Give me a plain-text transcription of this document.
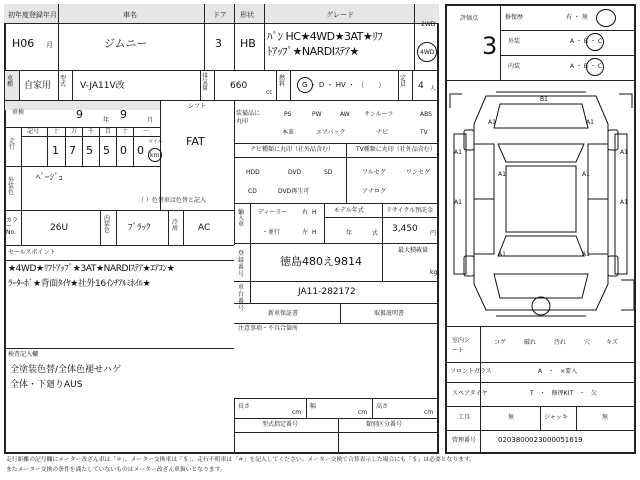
初年度登録年月
H06 月
車名
ジムニー
ドア
3
形状
HB
グレード
ﾊﾞﾝ HC★4WD★3AT★ﾘﾌ
ﾄｱｯﾌﾟ★NARDIｽﾃｱ★
2WD
4WD
車種 自家用
型式 V-JA11V改
排気量 660
cc
燃料 G ・ D ・ HV ・ （　　）
定員 4 人
車検	9	年 9	月
シフト
FAT
走行
記号 十 万 千 百 十 一
1 7 5 5 0 0
マイル
km
外装色
ﾍﾞｰｼﾞｭ
（ ）色替車は色替と記入
カラーNo.	26U
内装色 ﾌﾞﾗｯｸ
冷房 AC
装備品に丸印
PS	PW	AW サンルーフ	ABS
本革	エアバック	ナビ	TV
ナビ種類に丸印（社外品含む）
HDD	DVD	SD
CD	DVD再生可
TV種類に丸印（社外品含む）
フルセグ	ワンセグ
アナログ
輸入車
ディーラー
・並行
右 H
左 H
モデル年式
年	式
リサイクル預託金
3,450 円
登録番号
徳島480え9814
最大積載量
kg
車台番号
JA11-282172
新車保証書	取扱説明書
注意事項・不具合箇所
セールスポイント
★4WD★ﾘﾌﾄｱｯﾌﾟ★3AT★NARDIｽﾃｱ★ｴｱｺﾝ★
ﾗｰﾀｰﾎﾞ★背面ﾀｲﾔ★社外16ｲﾝﾁｱﾙﾐﾎｲﾙ★
検査記入欄
全塗装色替/全体色褪せハゲ
全体・下廻りAUS
長さ
cm
幅
cm
高さ
cm
型式指定番号	類別区分番号
評価点
3
修復歴	有 ・ 無
外装	A ・ B ・ C
内装	A ・ B ・ C
B1
A1	A1
A1	A1
A1	A1
A1	A1
A1	A1
室内シート
コゲ	破れ	汚れ	穴	キズ
フロントガラス	A　・　×要入
スペアタイヤ	T　・　修理KIT　・　欠
工具	無	ジャッキ	無
管理番号	0203800023000051619
走行距離の記号欄にメーター改ざん車は「＊」、メーター交換車は「＄」、走行不明車は「＃」を記入してください。メーター交換で合算表示した場合にも「＄」は必要となります。
またメーター交換の条件を満たしていないものはメーター改ざん車扱いとなります。
